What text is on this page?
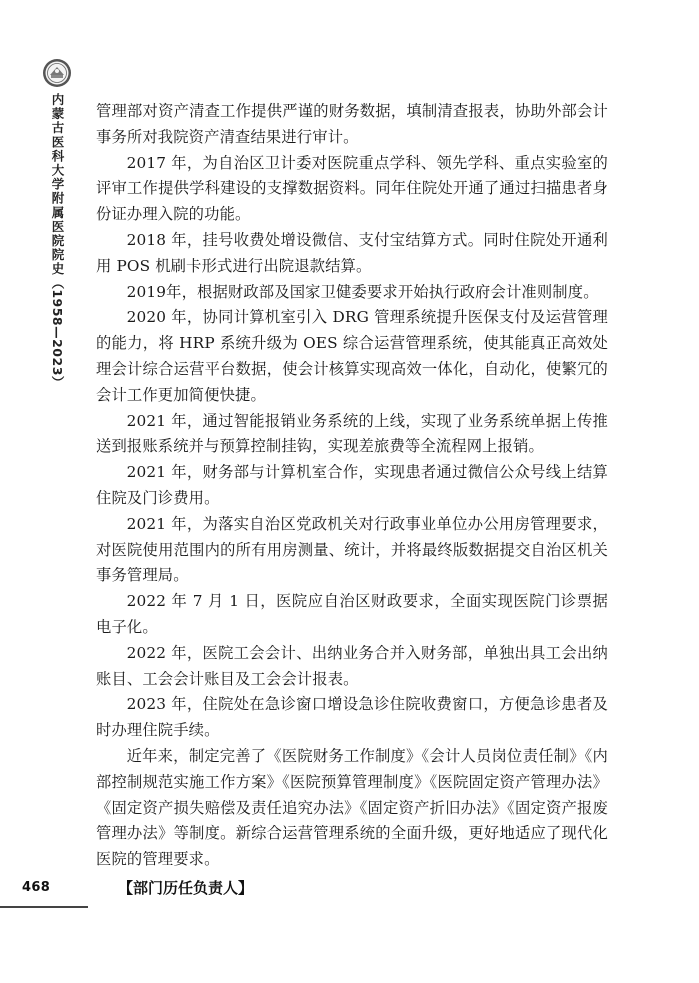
内蒙古医科大学附属医院院史（1958—2023）
468

管理部对资产清查工作提供严谨的财务数据，填制清查报表，协助外部会计事务所对我院资产清查结果进行审计。

2017 年，为自治区卫计委对医院重点学科、领先学科、重点实验室的评审工作提供学科建设的支撑数据资料。同年住院处开通了通过扫描患者身份证办理入院的功能。

2018 年，挂号收费处增设微信、支付宝结算方式。同时住院处开通利用 POS 机刷卡形式进行出院退款结算。

2019年，根据财政部及国家卫健委要求开始执行政府会计准则制度。

2020 年，协同计算机室引入 DRG 管理系统提升医保支付及运营管理的能力，将 HRP 系统升级为 OES 综合运营管理系统，使其能真正高效处理会计综合运营平台数据，使会计核算实现高效一体化，自动化，使繁冗的会计工作更加简便快捷。

2021 年，通过智能报销业务系统的上线，实现了业务系统单据上传推送到报账系统并与预算控制挂钩，实现差旅费等全流程网上报销。

2021 年，财务部与计算机室合作，实现患者通过微信公众号线上结算住院及门诊费用。

2021 年，为落实自治区党政机关对行政事业单位办公用房管理要求，对医院使用范围内的所有用房测量、统计，并将最终版数据提交自治区机关事务管理局。

2022 年 7 月 1 日，医院应自治区财政要求，全面实现医院门诊票据电子化。

2022 年，医院工会会计、出纳业务合并入财务部，单独出具工会出纳账目、工会会计账目及工会会计报表。

2023 年，住院处在急诊窗口增设急诊住院收费窗口，方便急诊患者及时办理住院手续。

近年来，制定完善了《医院财务工作制度》《会计人员岗位责任制》《内部控制规范实施工作方案》《医院预算管理制度》《医院固定资产管理办法》《固定资产损失赔偿及责任追究办法》《固定资产折旧办法》《固定资产报废管理办法》等制度。新综合运营管理系统的全面升级，更好地适应了现代化医院的管理要求。

【部门历任负责人】
